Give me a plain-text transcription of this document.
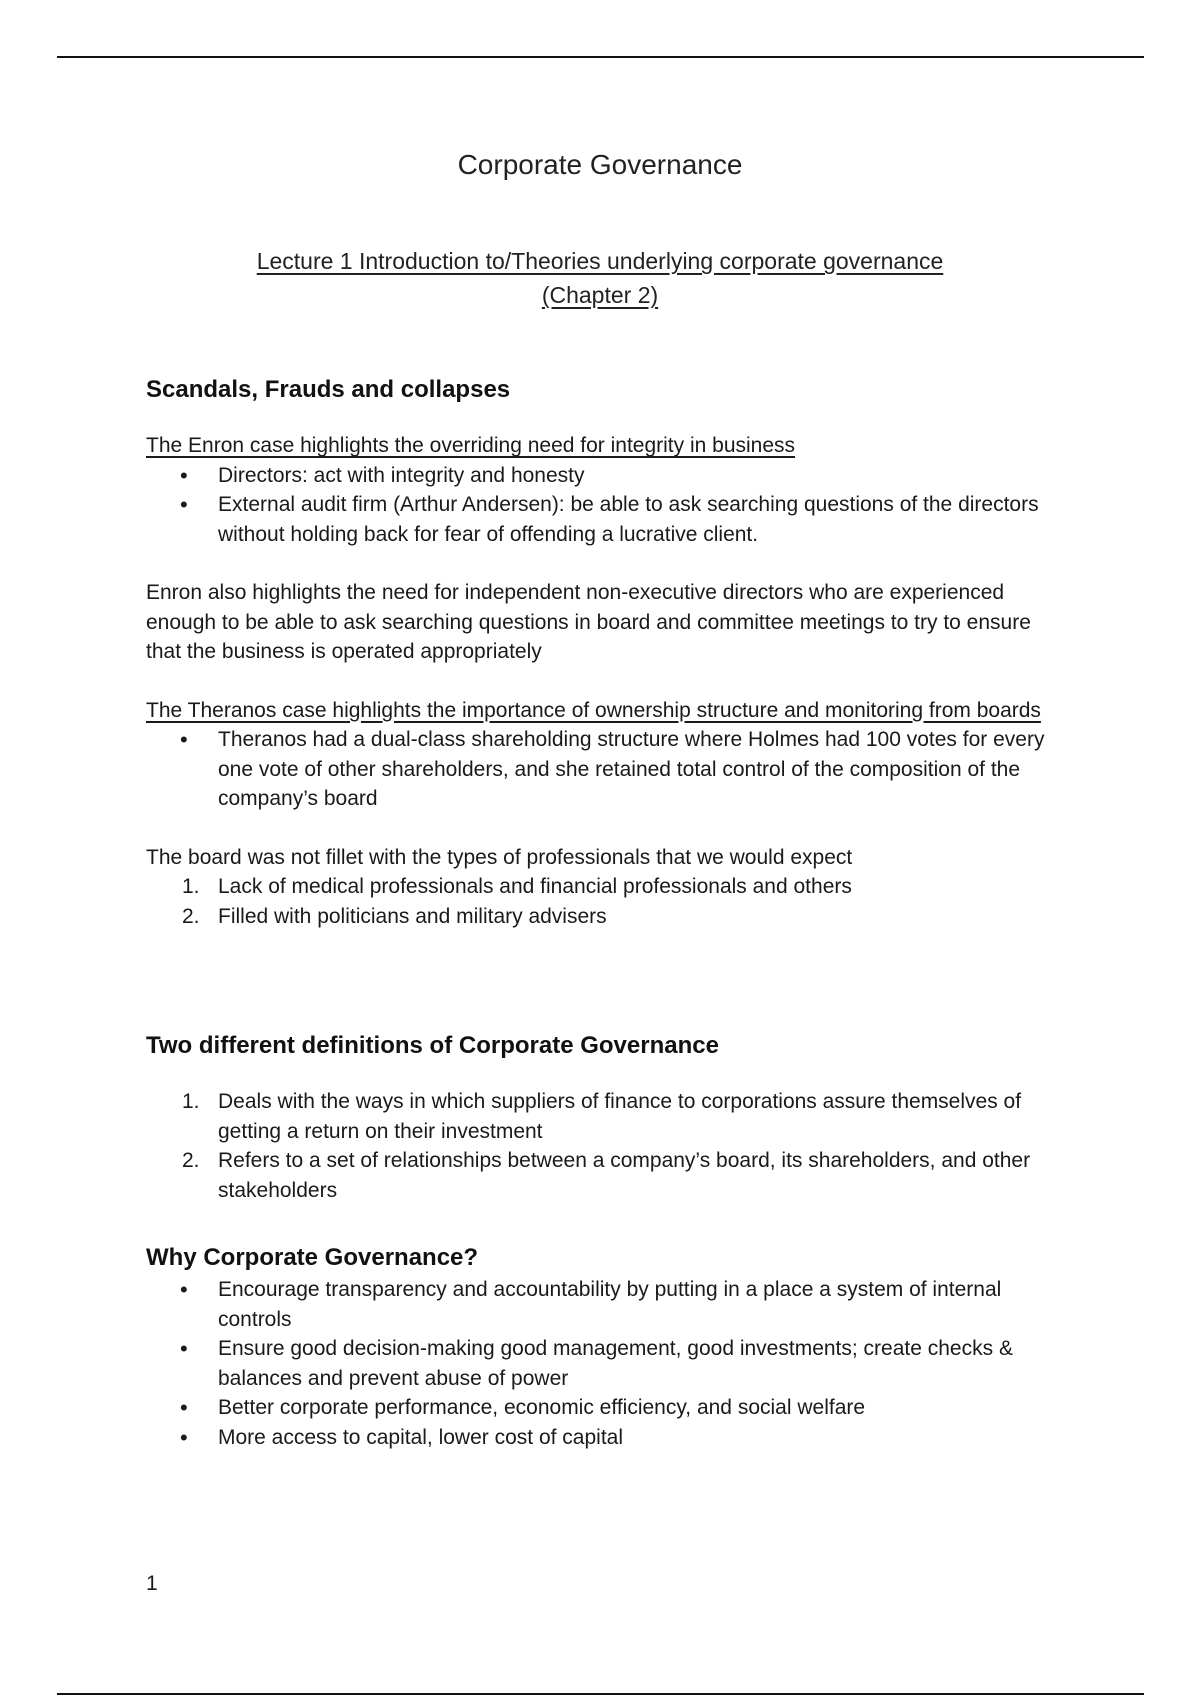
Corporate Governance
Lecture 1 Introduction to/Theories underlying corporate governance
(Chapter 2)
Scandals, Frauds and collapses

The Enron case highlights the overriding need for integrity in business

• Directors: act with integrity and honesty
• External audit firm (Arthur Andersen): be able to ask searching questions of the directors without holding back for fear of offending a lucrative client.

Enron also highlights the need for independent non-executive directors who are experienced enough to be able to ask searching questions in board and committee meetings to try to ensure that the business is operated appropriately

The Theranos case highlights the importance of ownership structure and monitoring from boards

• Theranos had a dual-class shareholding structure where Holmes had 100 votes for every one vote of other shareholders, and she retained total control of the composition of the company’s board

The board was not fillet with the types of professionals that we would expect

1. Lack of medical professionals and financial professionals and others
2. Filled with politicians and military advisers
Two different definitions of Corporate Governance
1. Deals with the ways in which suppliers of finance to corporations assure themselves of getting a return on their investment
2. Refers to a set of relationships between a company’s board, its shareholders, and other stakeholders
Why Corporate Governance?
• Encourage transparency and accountability by putting in a place a system of internal controls
• Ensure good decision-making good management, good investments; create checks & balances and prevent abuse of power
• Better corporate performance, economic efficiency, and social welfare
• More access to capital, lower cost of capital
1
